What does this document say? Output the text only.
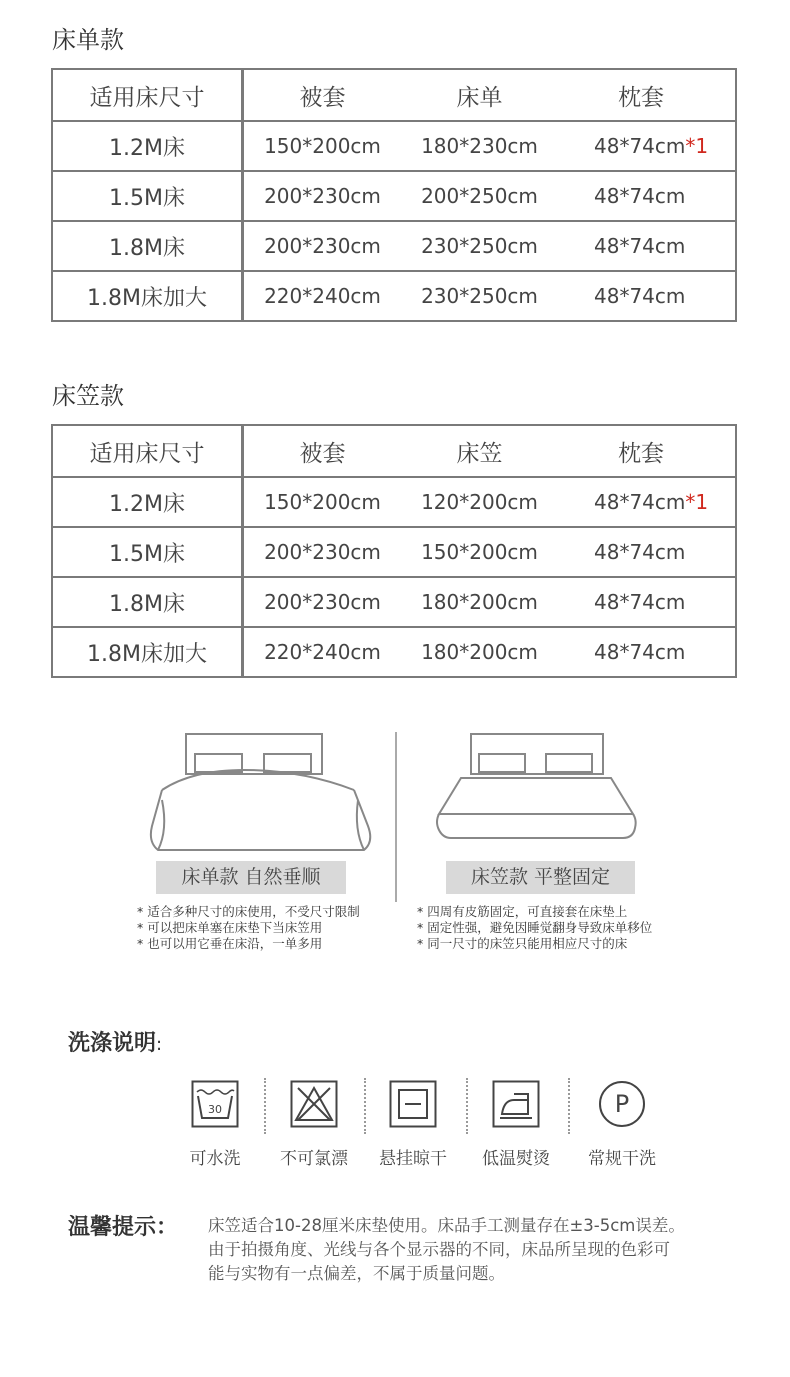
床单款
适用床尺寸	被套	床单	枕套
1.2M床	150*200cm	180*230cm	48*74cm*1
1.5M床	200*230cm	200*250cm	48*74cm
1.8M床	200*230cm	230*250cm	48*74cm
1.8M床加大	220*240cm	230*250cm	48*74cm
床笠款
适用床尺寸	被套	床笠	枕套
1.2M床	150*200cm	120*200cm	48*74cm*1
1.5M床	200*230cm	150*200cm	48*74cm
1.8M床	200*230cm	180*200cm	48*74cm
1.8M床加大	220*240cm	180*200cm	48*74cm
床单款 自然垂顺	床笠款 平整固定
* 适合多种尺寸的床使用，不受尺寸限制
* 可以把床单塞在床垫下当床笠用
* 也可以用它垂在床沿，一单多用
* 四周有皮筋固定，可直接套在床垫上
* 固定性强，避免因睡觉翻身导致床单移位
* 同一尺寸的床笠只能用相应尺寸的床
洗涤说明:
30
可水洗	不可氯漂	悬挂晾干	低温熨烫
P
常规干洗
温馨提示： 床笠适合10-28厘米床垫使用。床品手工测量存在±3-5cm误差。
由于拍摄角度、光线与各个显示器的不同，床品所呈现的色彩可
能与实物有一点偏差，不属于质量问题。
